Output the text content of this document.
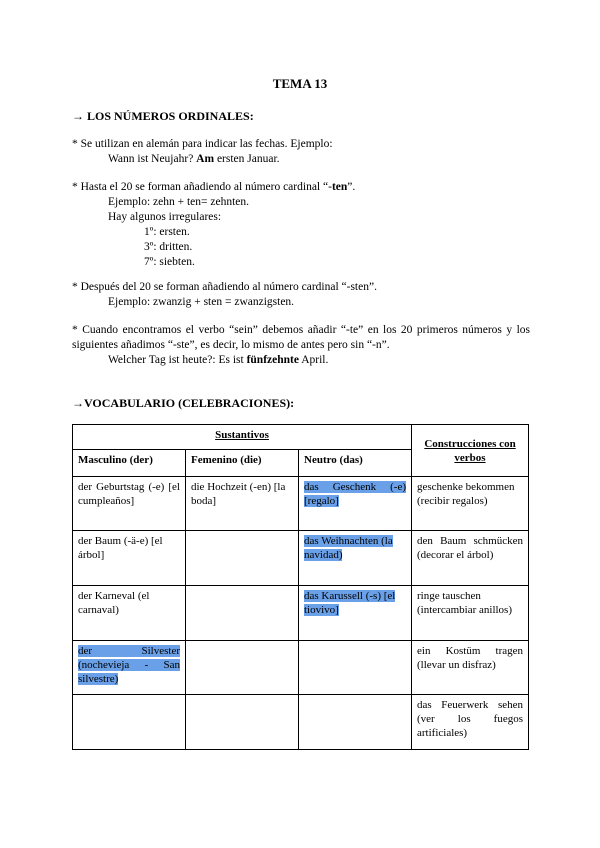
TEMA 13
→ LOS NÚMEROS ORDINALES:
* Se utilizan en alemán para indicar las fechas. Ejemplo:
Wann ist Neujahr? Am ersten Januar.
* Hasta el 20 se forman añadiendo al número cardinal “-ten”.
Ejemplo: zehn + ten= zehnten.
Hay algunos irregulares:
1º: ersten.
3º: dritten.
7º: siebten.
* Después del 20 se forman añadiendo al número cardinal “-sten”.
Ejemplo: zwanzig + sten = zwanzigsten.
* Cuando encontramos el verbo “sein” debemos añadir “-te” en los 20 primeros números y los siguientes añadimos “-ste”, es decir, lo mismo de antes pero sin “-n”.
Welcher Tag ist heute?: Es ist fünfzehnte April.
→VOCABULARIO (CELEBRACIONES):
Sustantivos			Construcciones con verbos
Masculino (der)	Femenino (die)	Neutro (das)	
der Geburtstag (-e) [el cumpleaños]	die Hochzeit (-en) [la boda]	das Geschenk (-e) [regalo]	geschenke bekommen (recibir regalos)
der Baum (-ä-e) [el árbol]		das Weihnachten (la navidad)	den Baum schmücken (decorar el árbol)
der Karneval (el carnaval)		das Karussell (-s) [el tiovivo]	ringe tauschen (intercambiar anillos)
der Silvester (nochevieja - San silvestre)			ein Kostüm tragen (llevar un disfraz)
			das Feuerwerk sehen (ver los fuegos artificiales)
